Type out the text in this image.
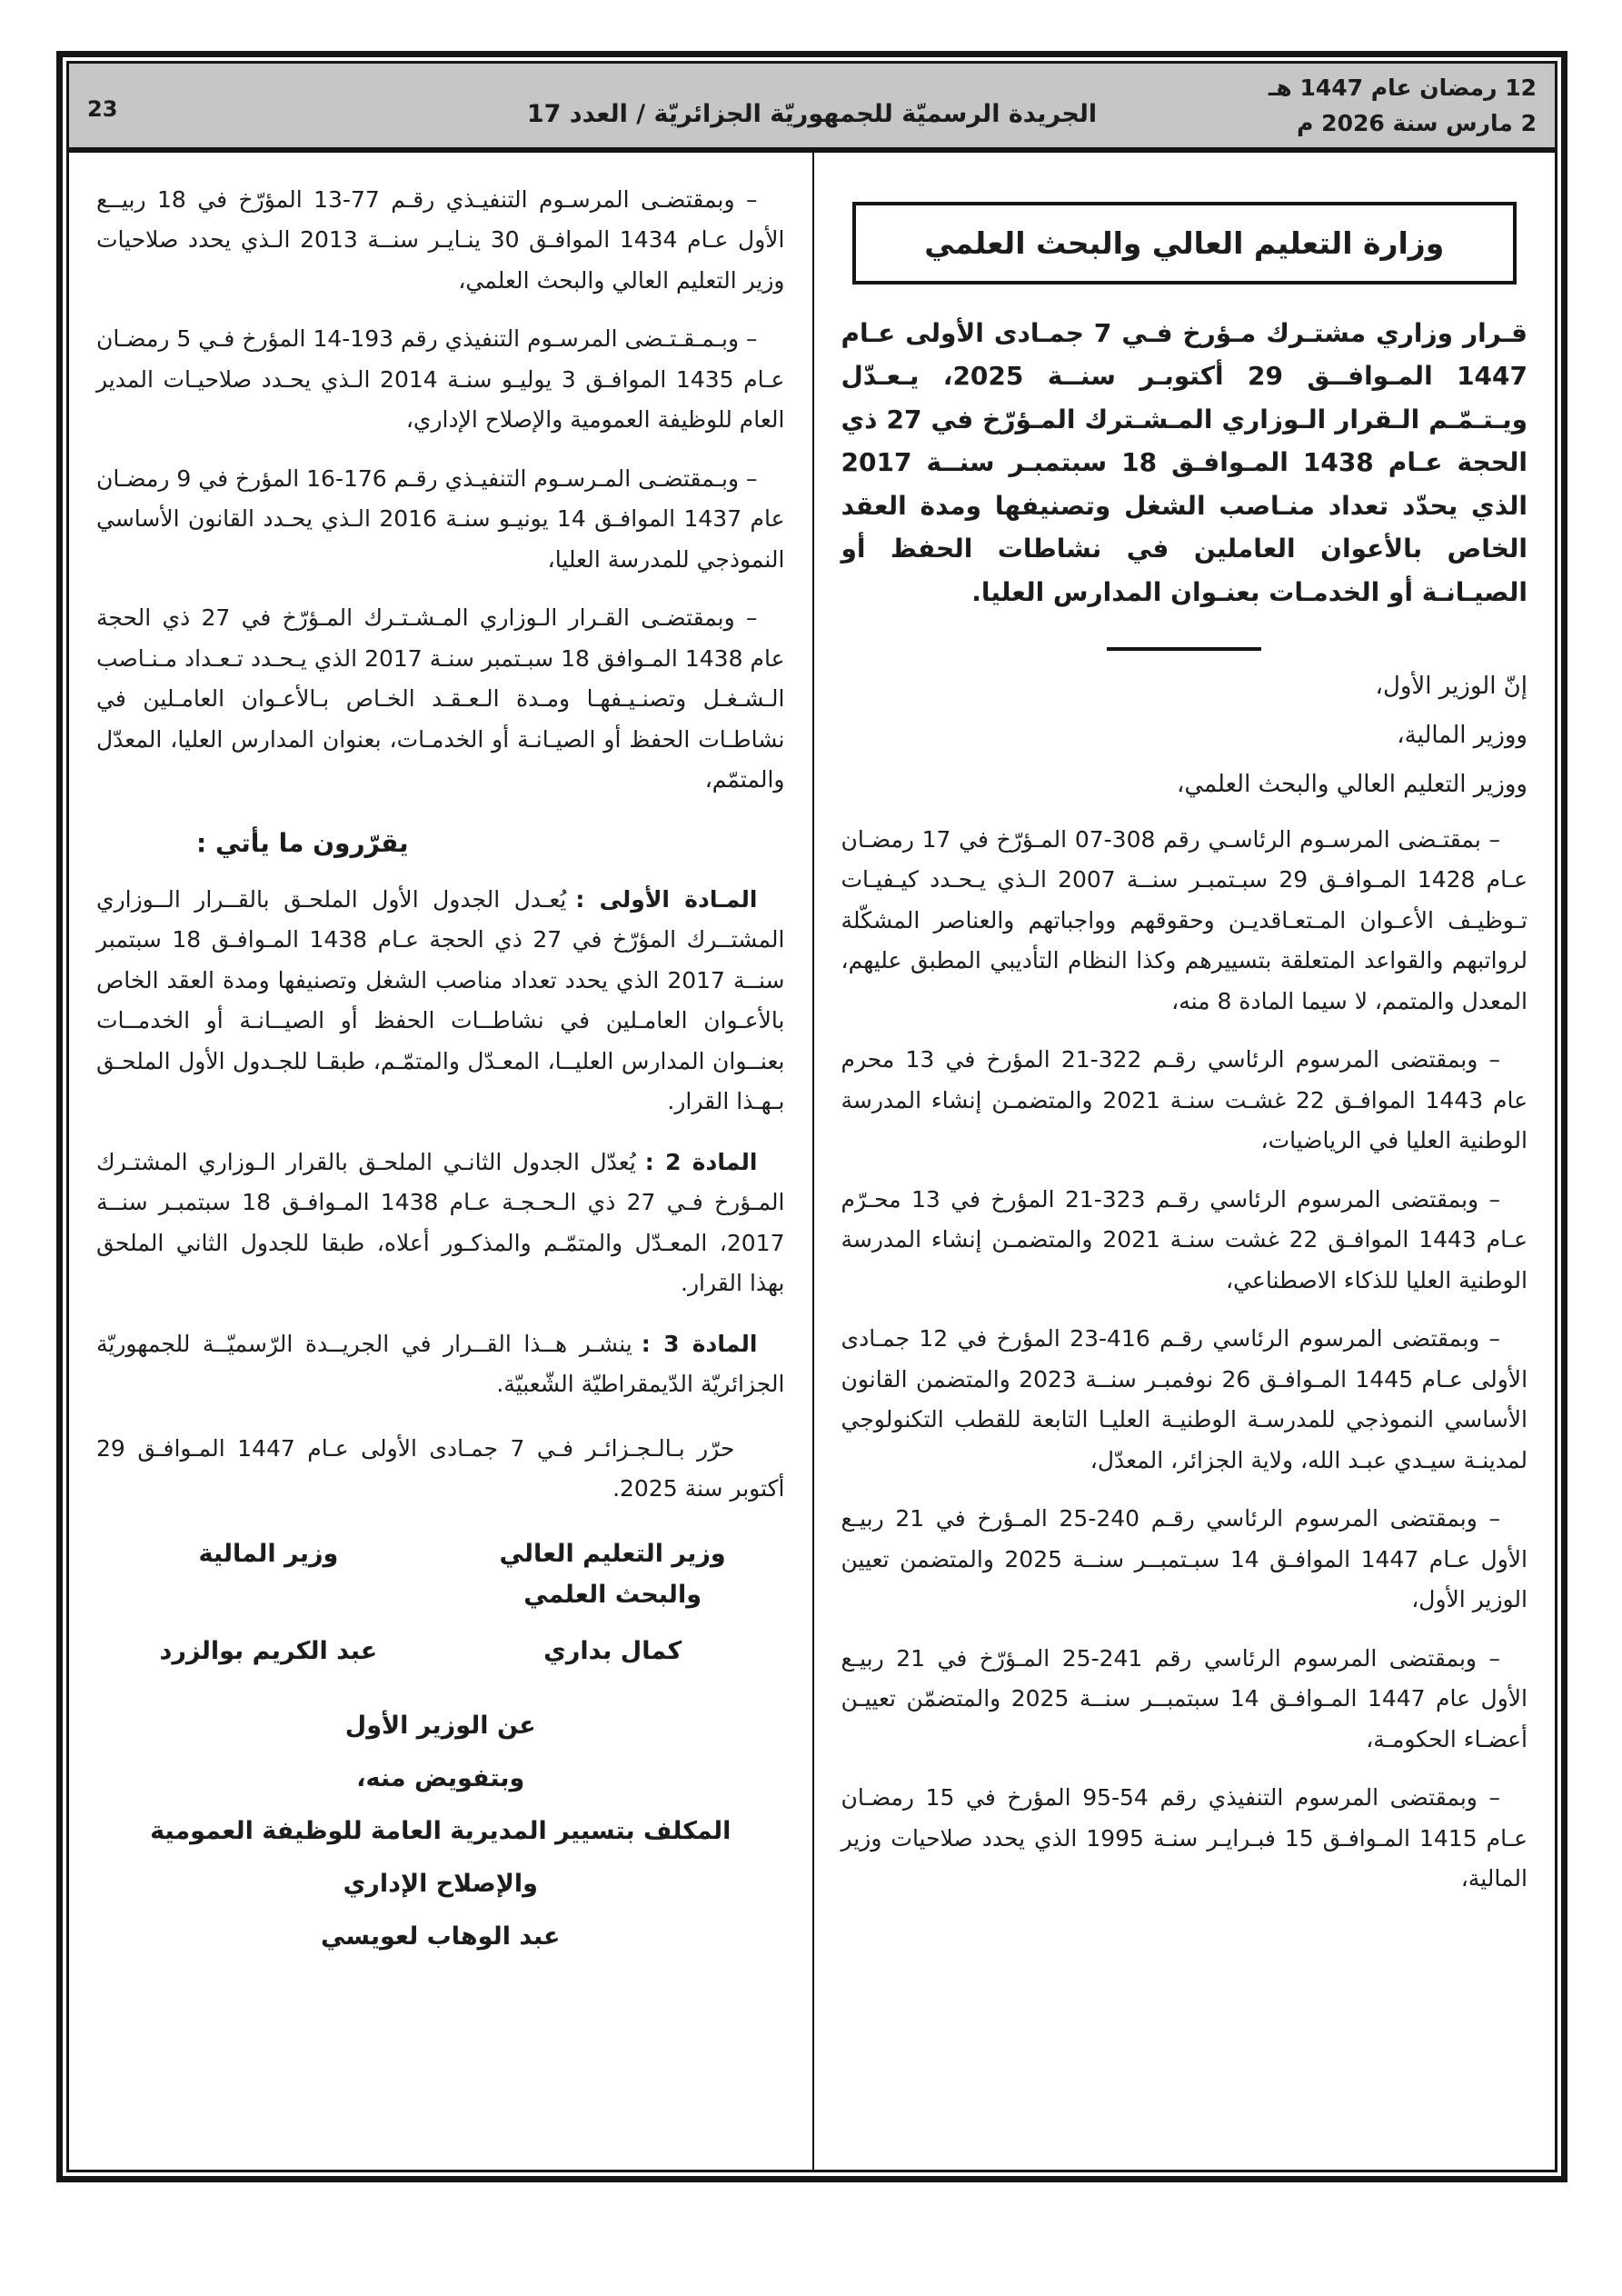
12 رمضان عام 1447 هـ
2 مارس سنة 2026 م
الجريدة الرسميّة للجمهوريّة الجزائريّة / العدد 17
23
وزارة التعليم العالي والبحث العلمي

قـرار وزاري مشتـرك مـؤرخ فـي 7 جمـادى الأولى عـام 1447 المـوافــق 29 أكتوبـر سنــة 2025، يـعـدّل ويـتـمّـم الـقرار الـوزاري المـشـترك المـؤرّخ في 27 ذي الحجة عـام 1438 المـوافـق 18 سبتمبـر سنــة 2017 الذي يحدّد تعداد منـاصب الشغل وتصنيفها ومدة العقد الخاص بالأعوان العاملين في نشاطات الحفظ أو الصيـانـة أو الخدمـات بعنـوان المدارس العليا.

إنّ الوزير الأول،

ووزير المالية،

ووزير التعليم العالي والبحث العلمي،

– بمقتـضى المرسـوم الرئاسـي رقم 308-07 المـؤرّخ في 17 رمضـان عـام 1428 المـوافـق 29 سبـتمبـر سنــة 2007 الـذي يـحـدد كيـفيـات تـوظيـف الأعـوان المـتعـاقديـن وحقوقهم وواجباتهم والعناصر المشكّلة لرواتبهم والقواعد المتعلقة بتسييرهم وكذا النظام التأديبي المطبق عليهم، المعدل والمتمم، لا سيما المادة 8 منه،

– وبمقتضى المرسوم الرئاسي رقـم 322-21 المؤرخ في 13 محرم عام 1443 الموافـق 22 غشـت سنـة 2021 والمتضمـن إنشاء المدرسة الوطنية العليا في الرياضيات،

– وبمقتضى المرسوم الرئاسي رقـم 323-21 المؤرخ في 13 محـرّم عـام 1443 الموافـق 22 غشت سنـة 2021 والمتضمـن إنشاء المدرسة الوطنية العليا للذكاء الاصطناعي،

– وبمقتضى المرسوم الرئاسي رقـم 416-23 المؤرخ في 12 جمـادى الأولى عـام 1445 المـوافـق 26 نوفمبـر سنــة 2023 والمتضمن القانون الأساسي النموذجي للمدرسـة الوطنيـة العليـا التابعة للقطب التكنولوجي لمدينـة سيـدي عبـد الله، ولاية الجزائر، المعدّل،

– وبمقتضى المرسوم الرئاسي رقـم 240-25 المـؤرخ في 21 ربيـع الأول عـام 1447 الموافـق 14 سبـتمبــر سنــة 2025 والمتضمن تعيين الوزير الأول،

– وبمقتضى المرسوم الرئاسي رقم 241-25 المـؤرّخ في 21 ربيـع الأول عام 1447 المـوافـق 14 سبتمبــر سنــة 2025 والمتضمّن تعييـن أعضـاء الحكومـة،

– وبمقتضى المرسوم التنفيذي رقم 54-95 المؤرخ في 15 رمضـان عـام 1415 المـوافـق 15 فبـرايـر سنـة 1995 الذي يحدد صلاحيات وزير المالية،

– وبمقتضـى المرسـوم التنفيـذي رقـم 77-13 المؤرّخ في 18 ربيــع الأول عـام 1434 الموافـق 30 ينـايـر سنــة 2013 الـذي يحدد صلاحيات وزير التعليم العالي والبحث العلمي،

– وبـمـقـتـضى المرسـوم التنفيذي رقم 193-14 المؤرخ فـي 5 رمضـان عـام 1435 الموافـق 3 يوليـو سنـة 2014 الـذي يحـدد صلاحيـات المدير العام للوظيفة العمومية والإصلاح الإداري،

– وبـمقتضـى المـرسـوم التنفيـذي رقـم 176-16 المؤرخ في 9 رمضـان عام 1437 الموافـق 14 يونيـو سنـة 2016 الـذي يحـدد القانون الأساسي النموذجي للمدرسة العليا،

– وبمقتضـى القـرار الـوزاري المـشـتـرك المـؤرّخ في 27 ذي الحجة عام 1438 المـوافق 18 سبـتمبر سنـة 2017 الذي يـحـدد تـعـداد مـنـاصب الـشـغـل وتصنـيـفهـا ومـدة الـعـقـد الخـاص بـالأعـوان العامـلين في نشاطـات الحفظ أو الصيـانـة أو الخدمـات، بعنوان المدارس العليا، المعدّل والمتمّم،

يقرّرون ما يأتي :

المـادة الأولى :يُعـدل الجدول الأول الملحـق بالقــرار الــوزاري المشتــرك المؤرّخ في 27 ذي الحجة عـام 1438 المـوافـق 18 سبتمبر سنــة 2017 الذي يحدد تعداد مناصب الشغل وتصنيفها ومدة العقد الخاص بالأعـوان العامـلين في نشاطــات الحفظ أو الصيــانـة أو الخدمــات بعنــوان المدارس العليــا، المعـدّل والمتمّـم، طبقـا للجـدول الأول الملحـق بـهـذا القرار.

المادة 2 :يُعدّل الجدول الثانـي الملحـق بالقرار الـوزاري المشتـرك المـؤرخ فـي 27 ذي الـحـجـة عـام 1438 المـوافـق 18 سبتمبـر سنــة 2017، المعـدّل والمتمّـم والمذكـور أعلاه، طبقا للجدول الثاني الملحق بهذا القرار.

المادة 3 :ينشـر هــذا القــرار في الجريــدة الرّسميّــة للجمهوريّة الجزائريّة الدّيمقراطيّة الشّعبيّة.

حرّر بـالـجـزائـر فـي 7 جمـادى الأولى عـام 1447 المـوافـق 29 أكتوبر سنة 2025.

وزير التعليم العالي
والبحث العلمي
كمال بداري
وزير المالية
عبد الكريم بوالزرد
عن الوزير الأول
وبتفويض منه،
المكلف بتسيير المديرية العامة للوظيفة العمومية
والإصلاح الإداري
عبد الوهاب لعويسي
